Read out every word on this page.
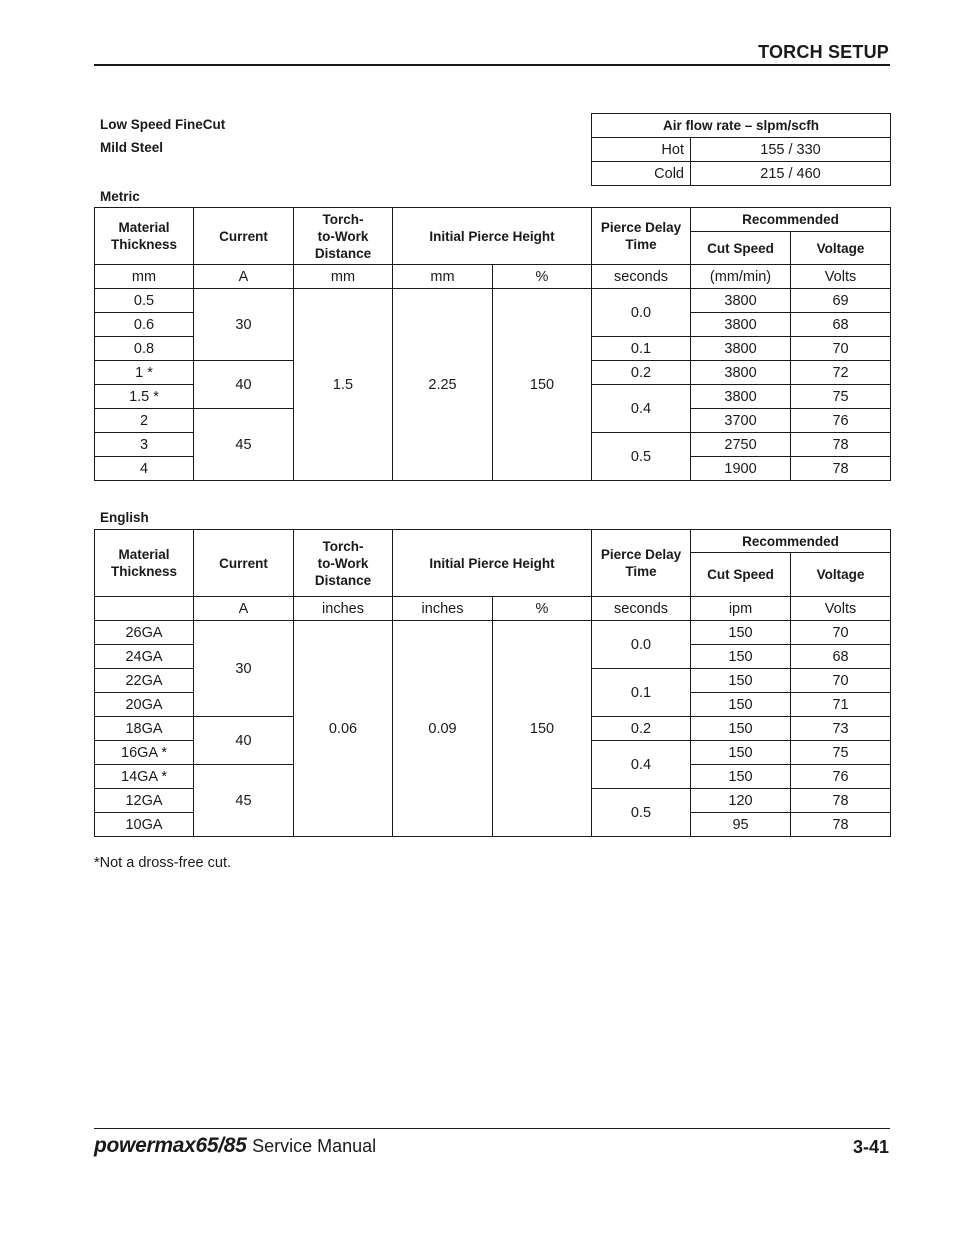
TORCH SETUP
Low Speed FineCut
Mild Steel
Air flow rate – slpm/scfh	
Hot	155 / 330
Cold	215 / 460
Metric
Material Thickness	Current	Torch-
to-Work
Distance	Initial Pierce Height		Pierce Delay Time	Recommended	
						Cut Speed	Voltage
mm	A	mm	mm	%	seconds	(mm/min)	Volts
0.5	30	1.5	2.25	150	0.0	3800	69
0.6						3800	68
0.8					0.1	3800	70
1 *	40				0.2	3800	72
1.5 *					0.4	3800	75
2	45					3700	76
3					0.5	2750	78
4						1900	78
English
Material Thickness	Current	Torch-
to-Work
Distance	Initial Pierce Height		Pierce Delay Time	Recommended	
						Cut Speed	Voltage
	A	inches	inches	%	seconds	ipm	Volts
26GA	30	0.06	0.09	150	0.0	150	70
24GA						150	68
22GA					0.1	150	70
20GA						150	71
18GA	40				0.2	150	73
16GA *					0.4	150	75
14GA *	45					150	76
12GA					0.5	120	78
10GA						95	78
*Not a dross-free cut.
powermax65/85 Service Manual	3-41
